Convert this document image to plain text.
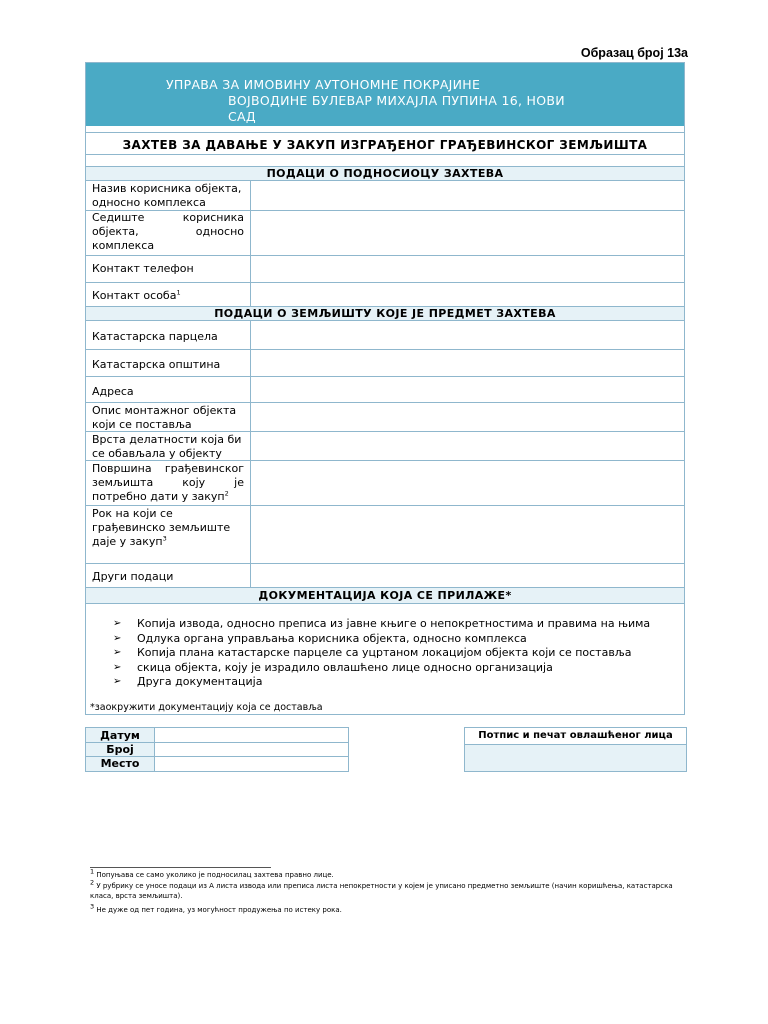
Образац број 13а
УПРАВА ЗА ИМОВИНУ АУТОНОМНЕ ПОКРАЈИНЕ
ВОЈВОДИНЕ БУЛЕВАР МИХАЈЛА ПУПИНА 16, НОВИ
САД
ЗАХТЕВ ЗА ДАВАЊЕ У ЗАКУП ИЗГРАЂЕНОГ ГРАЂЕВИНСКОГ ЗЕМЉИШТА
ПОДАЦИ О ПОДНОСИОЦУ ЗАХТЕВА
Назив корисника објекта, односно комплекса
Седиште корисника објекта, односно комплекса
Контакт телефон
Контакт особа$^1$
ПОДАЦИ О ЗЕМЉИШТУ КОЈЕ ЈЕ ПРЕДМЕТ ЗАХТЕВА
Катастарска парцела
Катастарска општина
Адреса
Опис монтажног објекта који се поставља
Врста делатности која би се обављала у објекту
Површина грађевинског земљишта коју је потребно дати у закуп$^2$
Рок на који се грађевинско земљиште даје у закуп$^3$
Други подаци
ДОКУМЕНТАЦИЈА КОЈА СЕ ПРИЛАЖЕ*
➢ Копија извода, односно преписа из јавне књиге о непокретностима и правима на њима
➢ Одлука органа управљања корисника објекта, односно комплекса
➢ Копија плана катастарске парцеле са уцртаном локацијом објекта који се поставља
➢ скица објекта, коју је израдило овлашћено лице односно организација
➢ Друга документација
*заокружити документацију која се доставља
Датум
Број
Место
Потпис и печат овлашћеног лица
$^1$ Попуњава се само уколико је подносилац захтева правно лице.
$^2$ У рубрику се уносе подаци из А листа извода или преписа листа непокретности у којем је уписано предметно земљиште (начин коришћења, катастарска класа, врста земљишта).
$^3$ Не дуже од пет година, уз могућност продужења по истеку рока.
